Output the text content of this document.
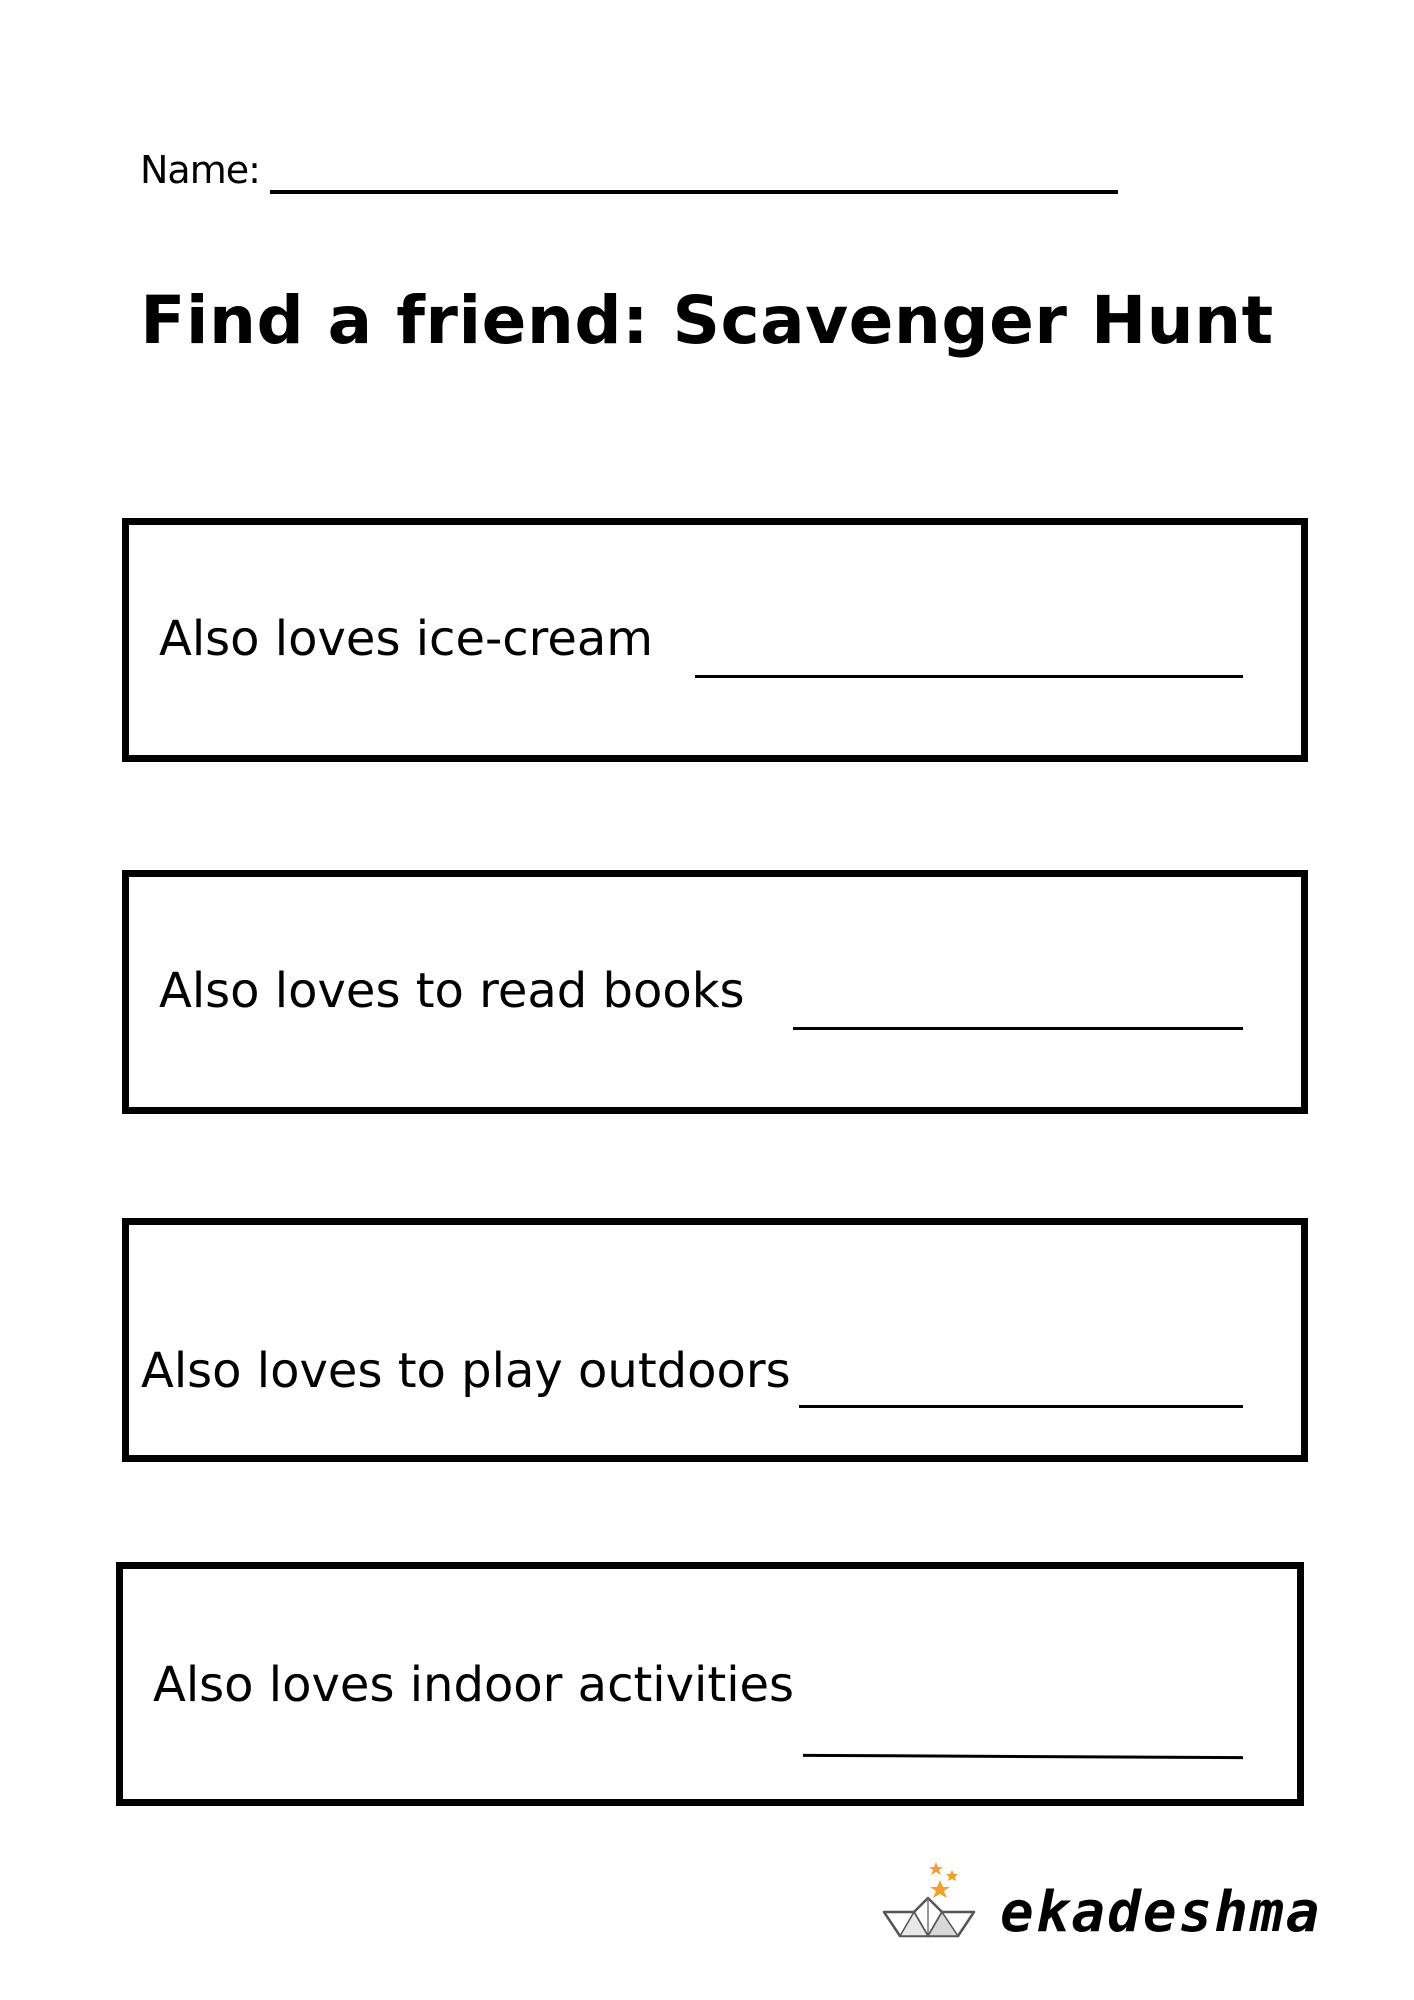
Name:
Find a friend: Scavenger Hunt
Also loves ice-cream
Also loves to read books
Also loves to play outdoors
Also loves indoor activities
ekadeshma
